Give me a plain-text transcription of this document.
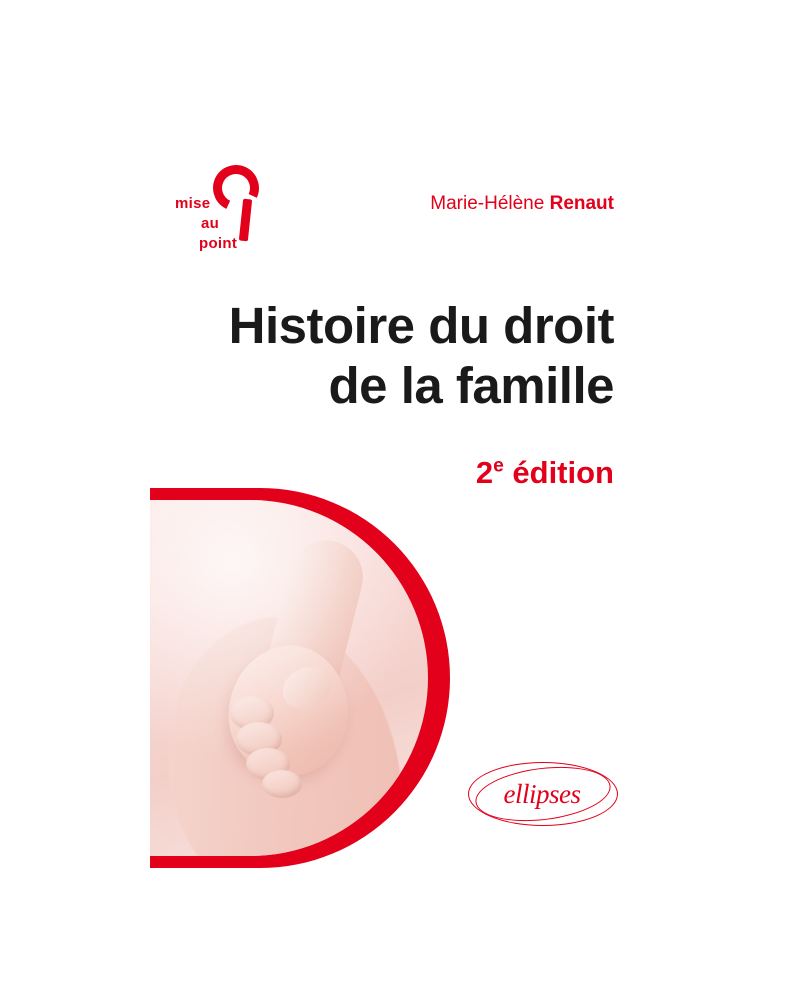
mise
au
point
Marie-Hélène Renaut
Histoire du droit
de la famille
2e édition
ellipses
